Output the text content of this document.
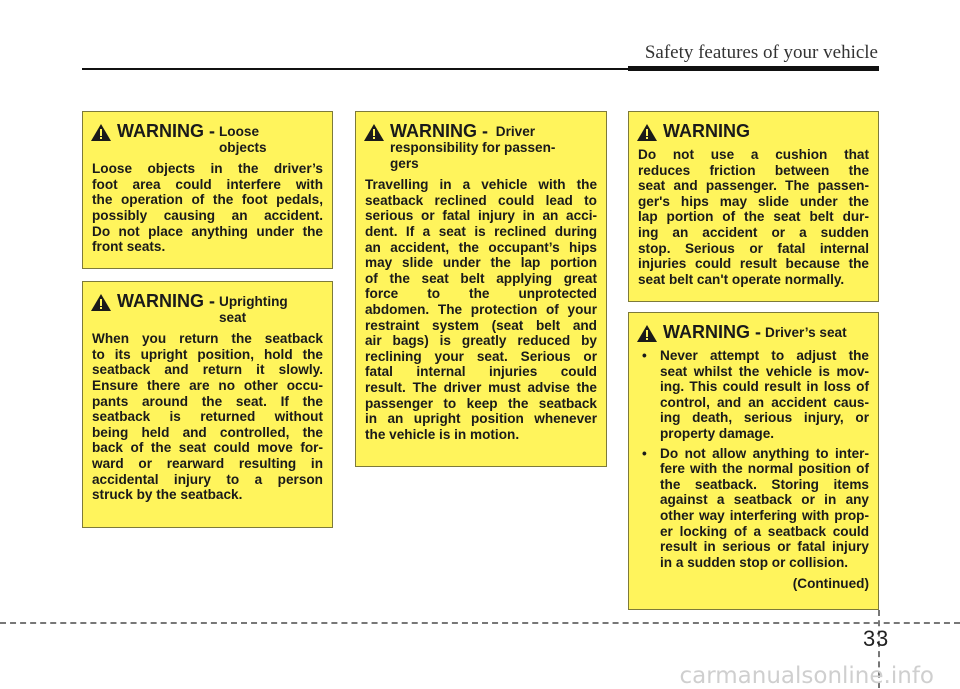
Safety features of your vehicle
WARNING - Loose
objects
Loose objects in the driver’s
foot area could interfere with
the operation of the foot pedals,
possibly causing an accident.
Do not place anything under the
front seats.
WARNING - Uprighting
seat
When you return the seatback
to its upright position, hold the
seatback and return it slowly.
Ensure there are no other occu-
pants around the seat. If the
seatback is returned without
being held and controlled, the
back of the seat could move for-
ward or rearward resulting in
accidental injury to a person
struck by the seatback.
WARNING - Driver
responsibility for passen-
gers
Travelling in a vehicle with the
seatback reclined could lead to
serious or fatal injury in an acci-
dent. If a seat is reclined during
an accident, the occupant’s hips
may slide under the lap portion
of the seat belt applying great
force to the unprotected
abdomen. The protection of your
restraint system (seat belt and
air bags) is greatly reduced by
reclining your seat. Serious or
fatal internal injuries could
result. The driver must advise the
passenger to keep the seatback
in an upright position whenever
the vehicle is in motion.
WARNING
Do not use a cushion that
reduces friction between the
seat and passenger. The passen-
ger's hips may slide under the
lap portion of the seat belt dur-
ing an accident or a sudden
stop. Serious or fatal internal
injuries could result because the
seat belt can't operate normally.
WARNING - Driver’s seat
• Never attempt to adjust the
seat whilst the vehicle is mov-
ing. This could result in loss of
control, and an accident caus-
ing death, serious injury, or
property damage.
• Do not allow anything to inter-
fere with the normal position of
the seatback. Storing items
against a seatback or in any
other way interfering with prop-
er locking of a seatback could
result in serious or fatal injury
in a sudden stop or collision.
(Continued)
33
carmanualsonline.info
